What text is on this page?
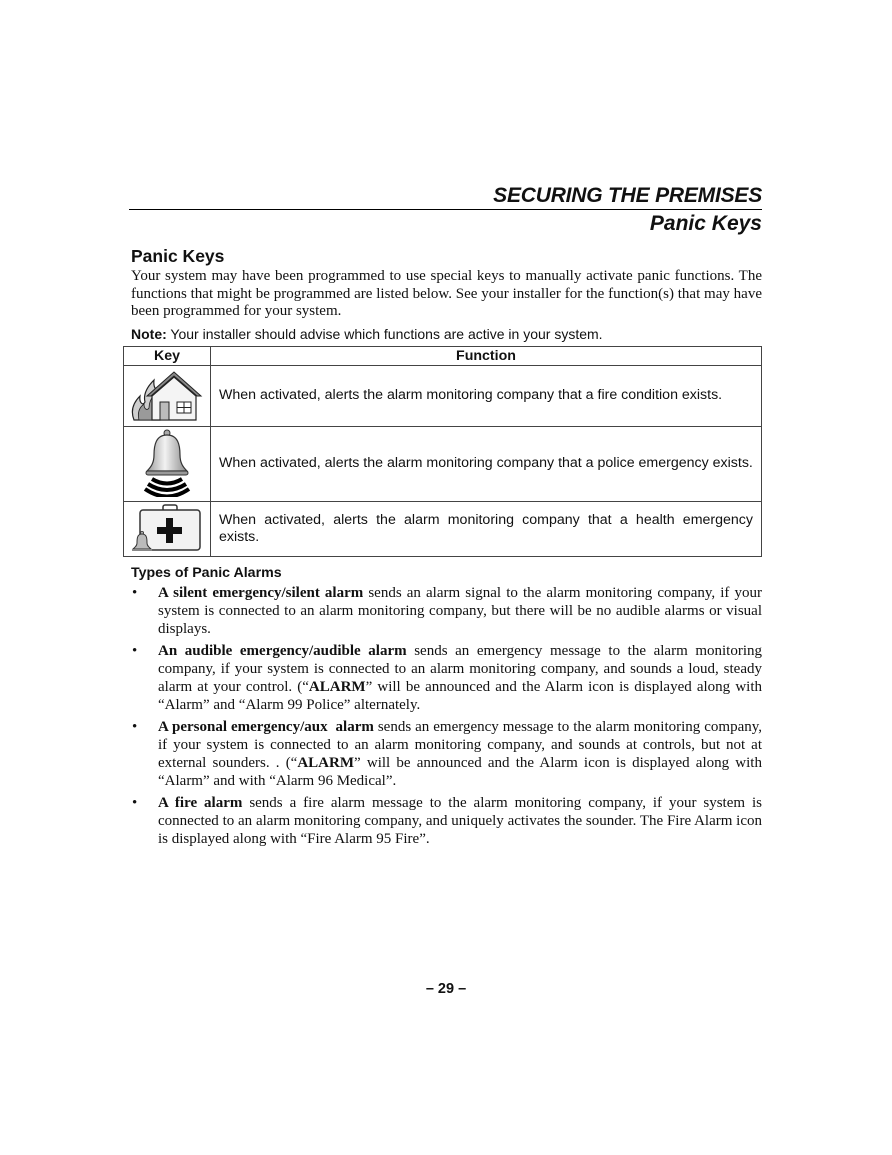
SECURING THE PREMISES
Panic Keys
Panic Keys

Your system may have been programmed to use special keys to manually activate panic functions. The functions that might be programmed are listed below. See your installer for the function(s) that may have been programmed for your system.

Note: Your installer should advise which functions are active in your system.

Key	Function
	When activated, alerts the alarm monitoring company that a fire condition exists.
	When activated, alerts the alarm monitoring company that a police emergency exists.
	When activated, alerts the alarm monitoring company that a health emergency exists.
Types of Panic Alarms
• A silent emergency/silent alarm sends an alarm signal to the alarm monitoring company, if your system is connected to an alarm monitoring company, but there will be no audible alarms or visual displays.
• An audible emergency/audible alarm sends an emergency message to the alarm monitoring company, if your system is connected to an alarm monitoring company, and sounds a loud, steady alarm at your control. (“ALARM” will be announced and the Alarm icon is displayed along with “Alarm” and “Alarm 99 Police” alternately.
• A personal emergency/aux  alarm sends an emergency message to the alarm monitoring company, if your system is connected to an alarm monitoring company, and sounds at controls, but not at external sounders. . (“ALARM” will be announced and the Alarm icon is displayed along with “Alarm” and with “Alarm 96 Medical”.
• A fire alarm sends a fire alarm message to the alarm monitoring company, if your system is connected to an alarm monitoring company, and uniquely activates the sounder. The Fire Alarm icon is displayed along with “Fire Alarm 95 Fire”.
– 29 –
